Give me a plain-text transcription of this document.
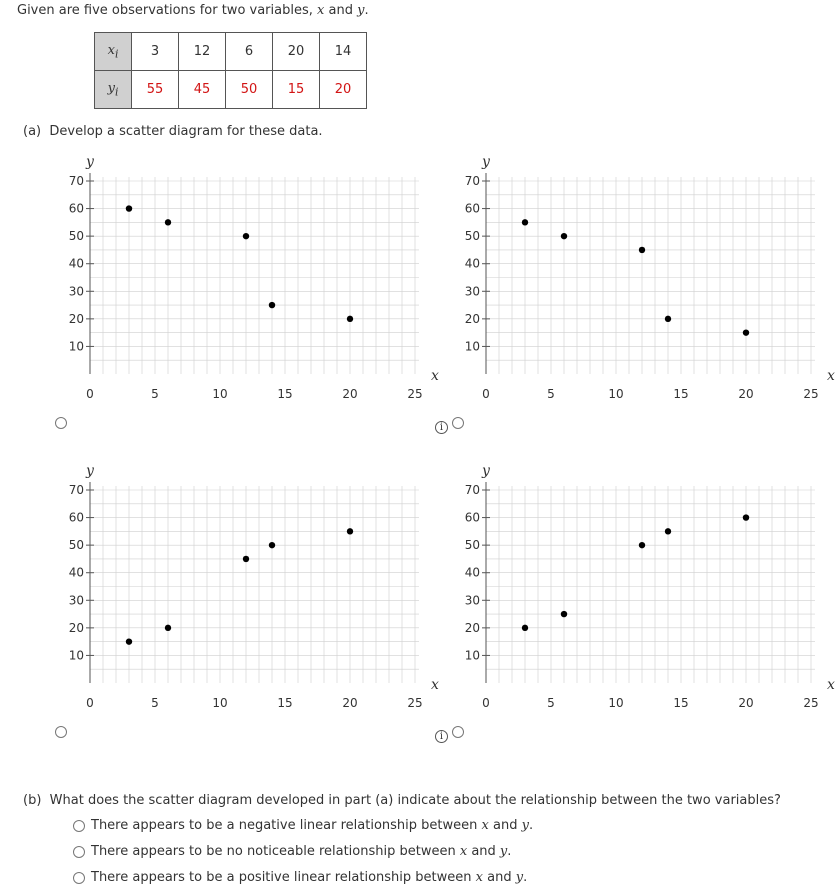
Given are five observations for two variables, x and y.
$x_i$	3	12	6	20	14
$y_i$	55	45	50	15	20
(a) Develop a scatter diagram for these data.
10
20
30
40
50
60
70
0	5	10	15	20	25
y
x
10
20
30
40
50
60
70
0	5	10	15	20	25
y
x
10
20
30
40
50
60
70
0	5	10	15	20	25
y
x
10
20
30
40
50
60
70
0	5	10	15	20	25
y
x
i
i
(b) What does the scatter diagram developed in part (a) indicate about the relationship between the two variables?
There appears to be a negative linear relationship between x and y.
There appears to be no noticeable relationship between x and y.
There appears to be a positive linear relationship between x and y.
